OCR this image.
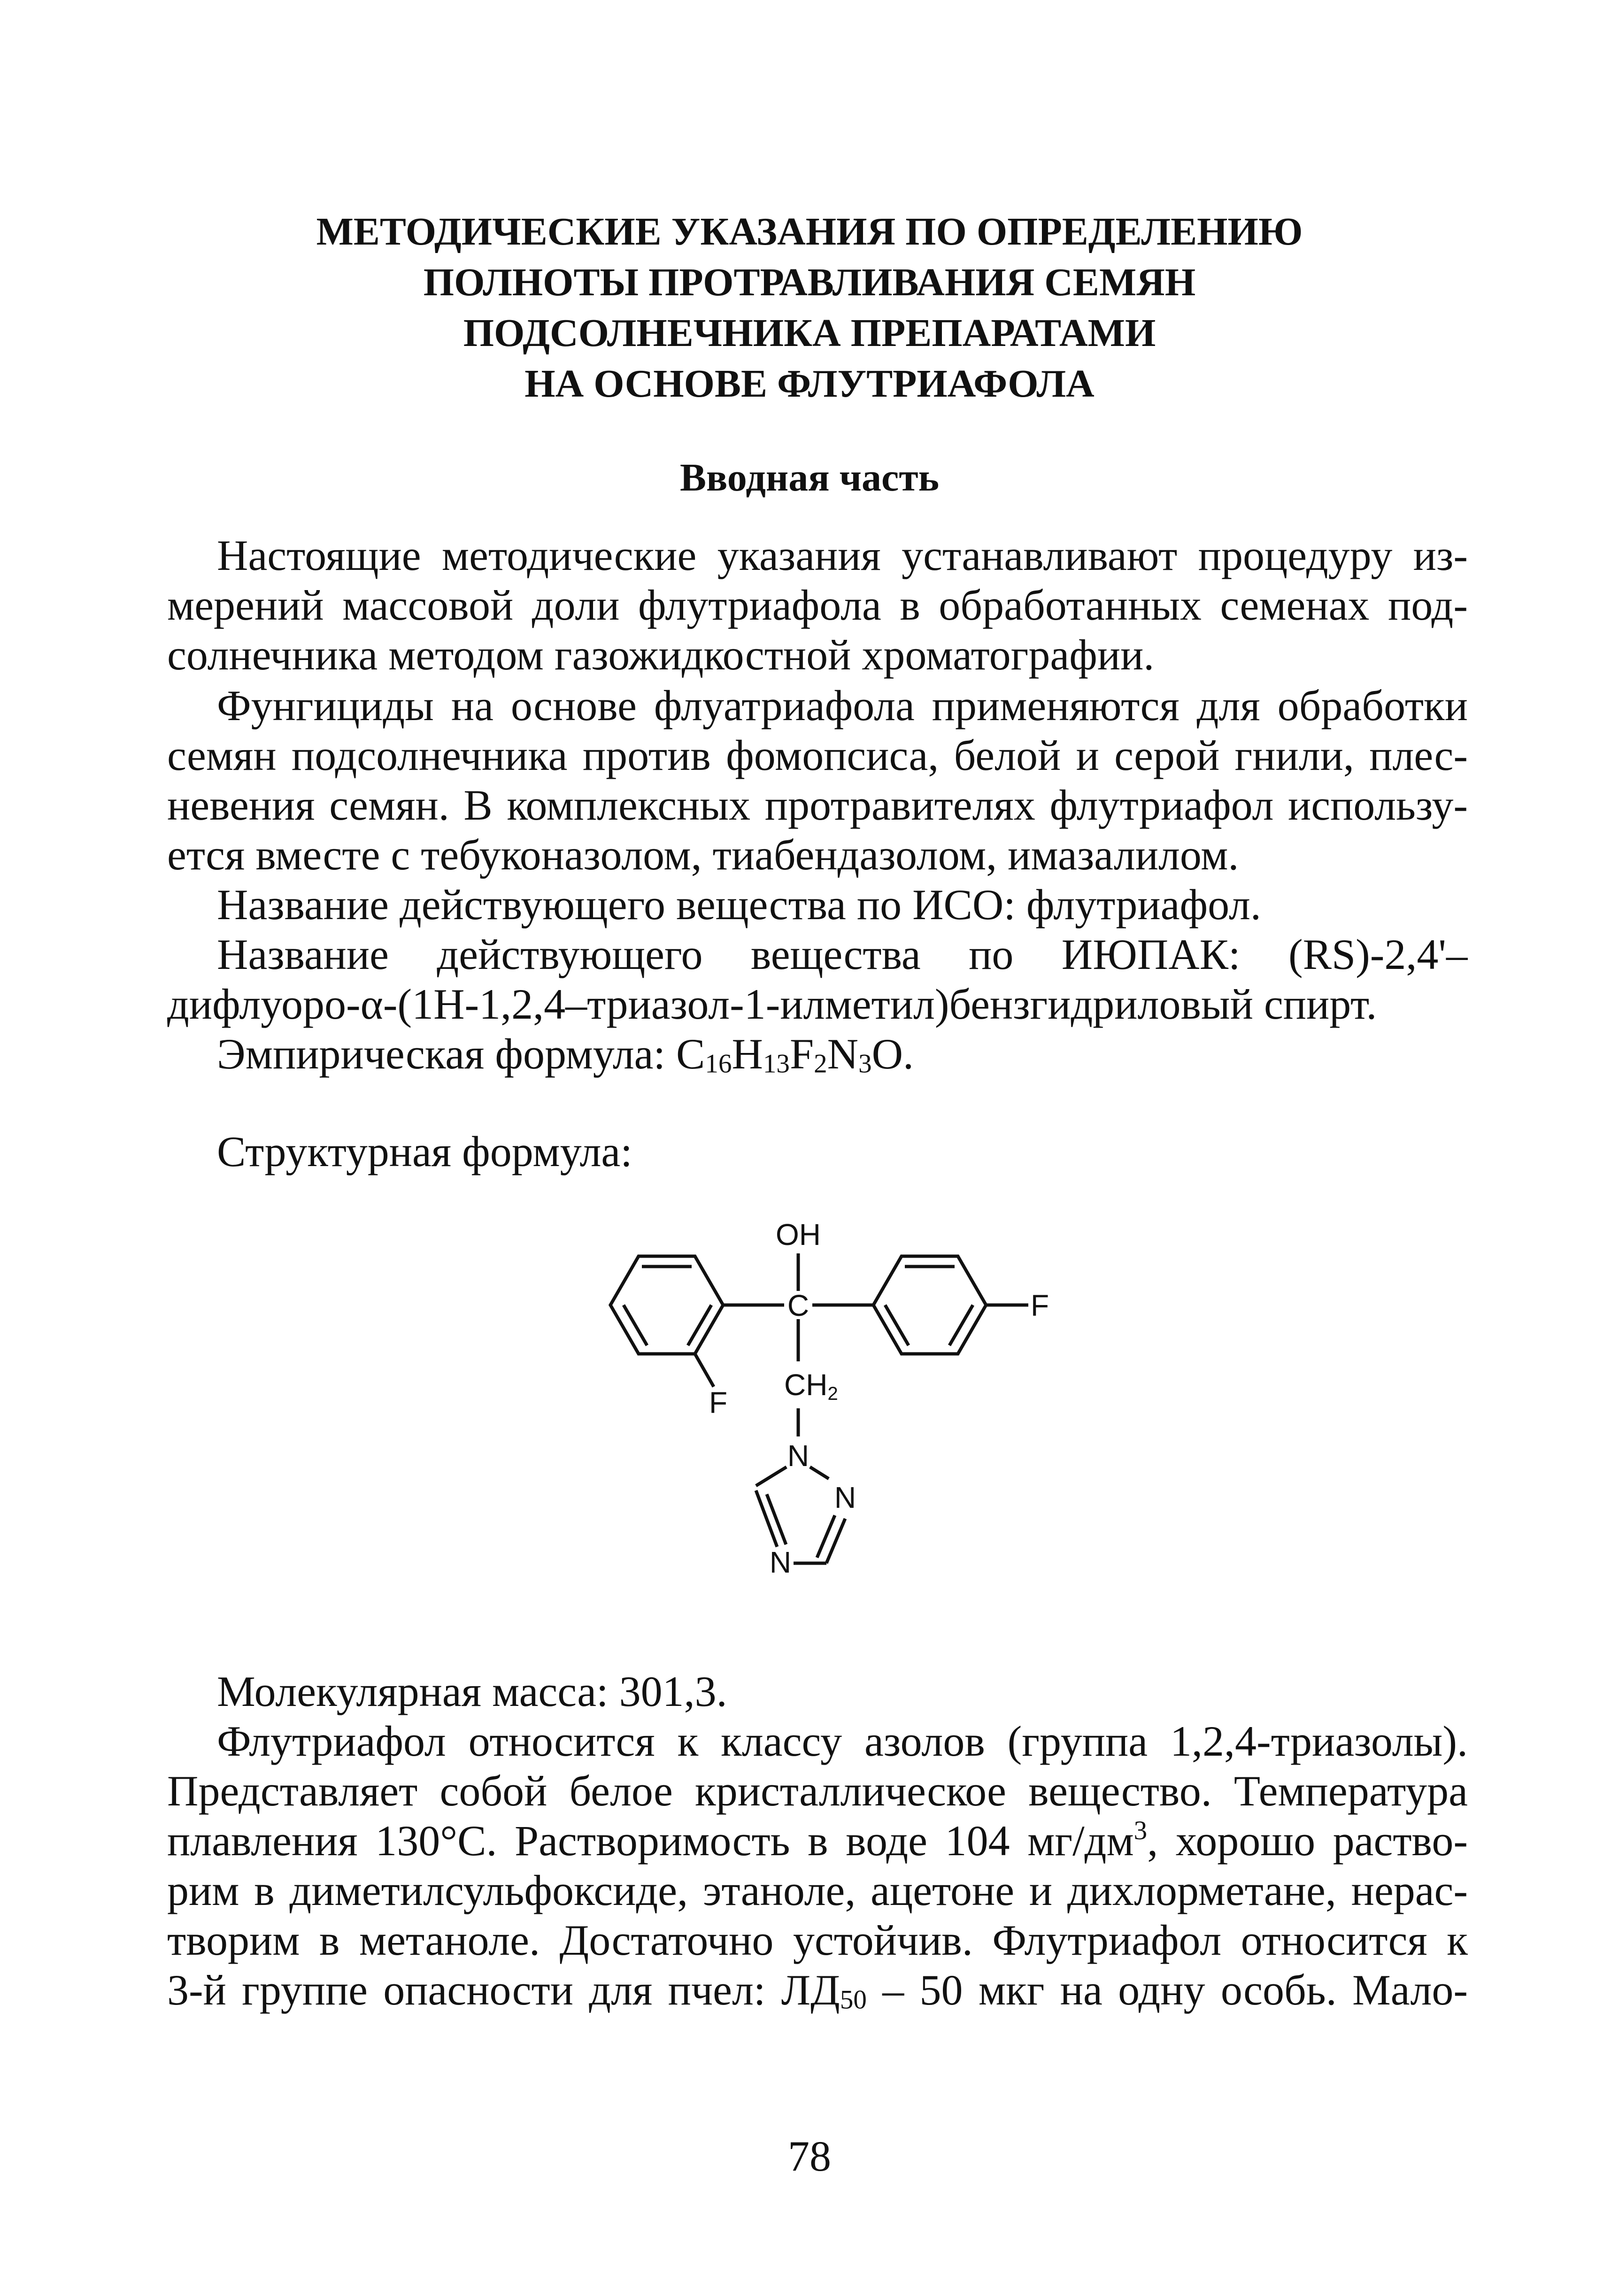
МЕТОДИЧЕСКИЕ УКАЗАНИЯ ПО ОПРЕДЕЛЕНИЮ
ПОЛНОТЫ ПРОТРАВЛИВАНИЯ СЕМЯН
ПОДСОЛНЕЧНИКА ПРЕПАРАТАМИ
НА ОСНОВЕ ФЛУТРИАФОЛА
Вводная часть

Настоящие методические указания устанавливают процедуру из-
мерений массовой доли флутриафола в обработанных семенах под-
солнечника методом газожидкостной хроматографии.

Фунгициды на основе флуатриафола применяются для обработки
семян подсолнечника против фомопсиса, белой и серой гнили, плес-
невения семян. В комплексных протравителях флутриафол использу-
ется вместе с тебуконазолом, тиабендазолом, имазалилом.

Название действующего вещества по ИСО: флутриафол.
Название действующего вещества по ИЮПАК: (RS)-2,4'–
дифлуоро-α-(1Н-1,2,4–триазол-1-илметил)бензгидриловый спирт.
Эмпирическая формула: C16H13F2N3O.
Структурная формула:
OH
C	F
F
CH2
N
N
N
Молекулярная масса: 301,3.

Флутриафол относится к классу азолов (группа 1,2,4-триазолы).
Представляет собой белое кристаллическое вещество. Температура
плавления 130°С. Растворимость в воде 104 $мг/дм^3$, хорошо раство-
рим в диметилсульфоксиде, этаноле, ацетоне и дихлорметане, нерас-
творим в метаноле. Достаточно устойчив. Флутриафол относится к
3-й группе опасности для пчел: ЛД50 – 50 мкг на одну особь. Мало-

78
